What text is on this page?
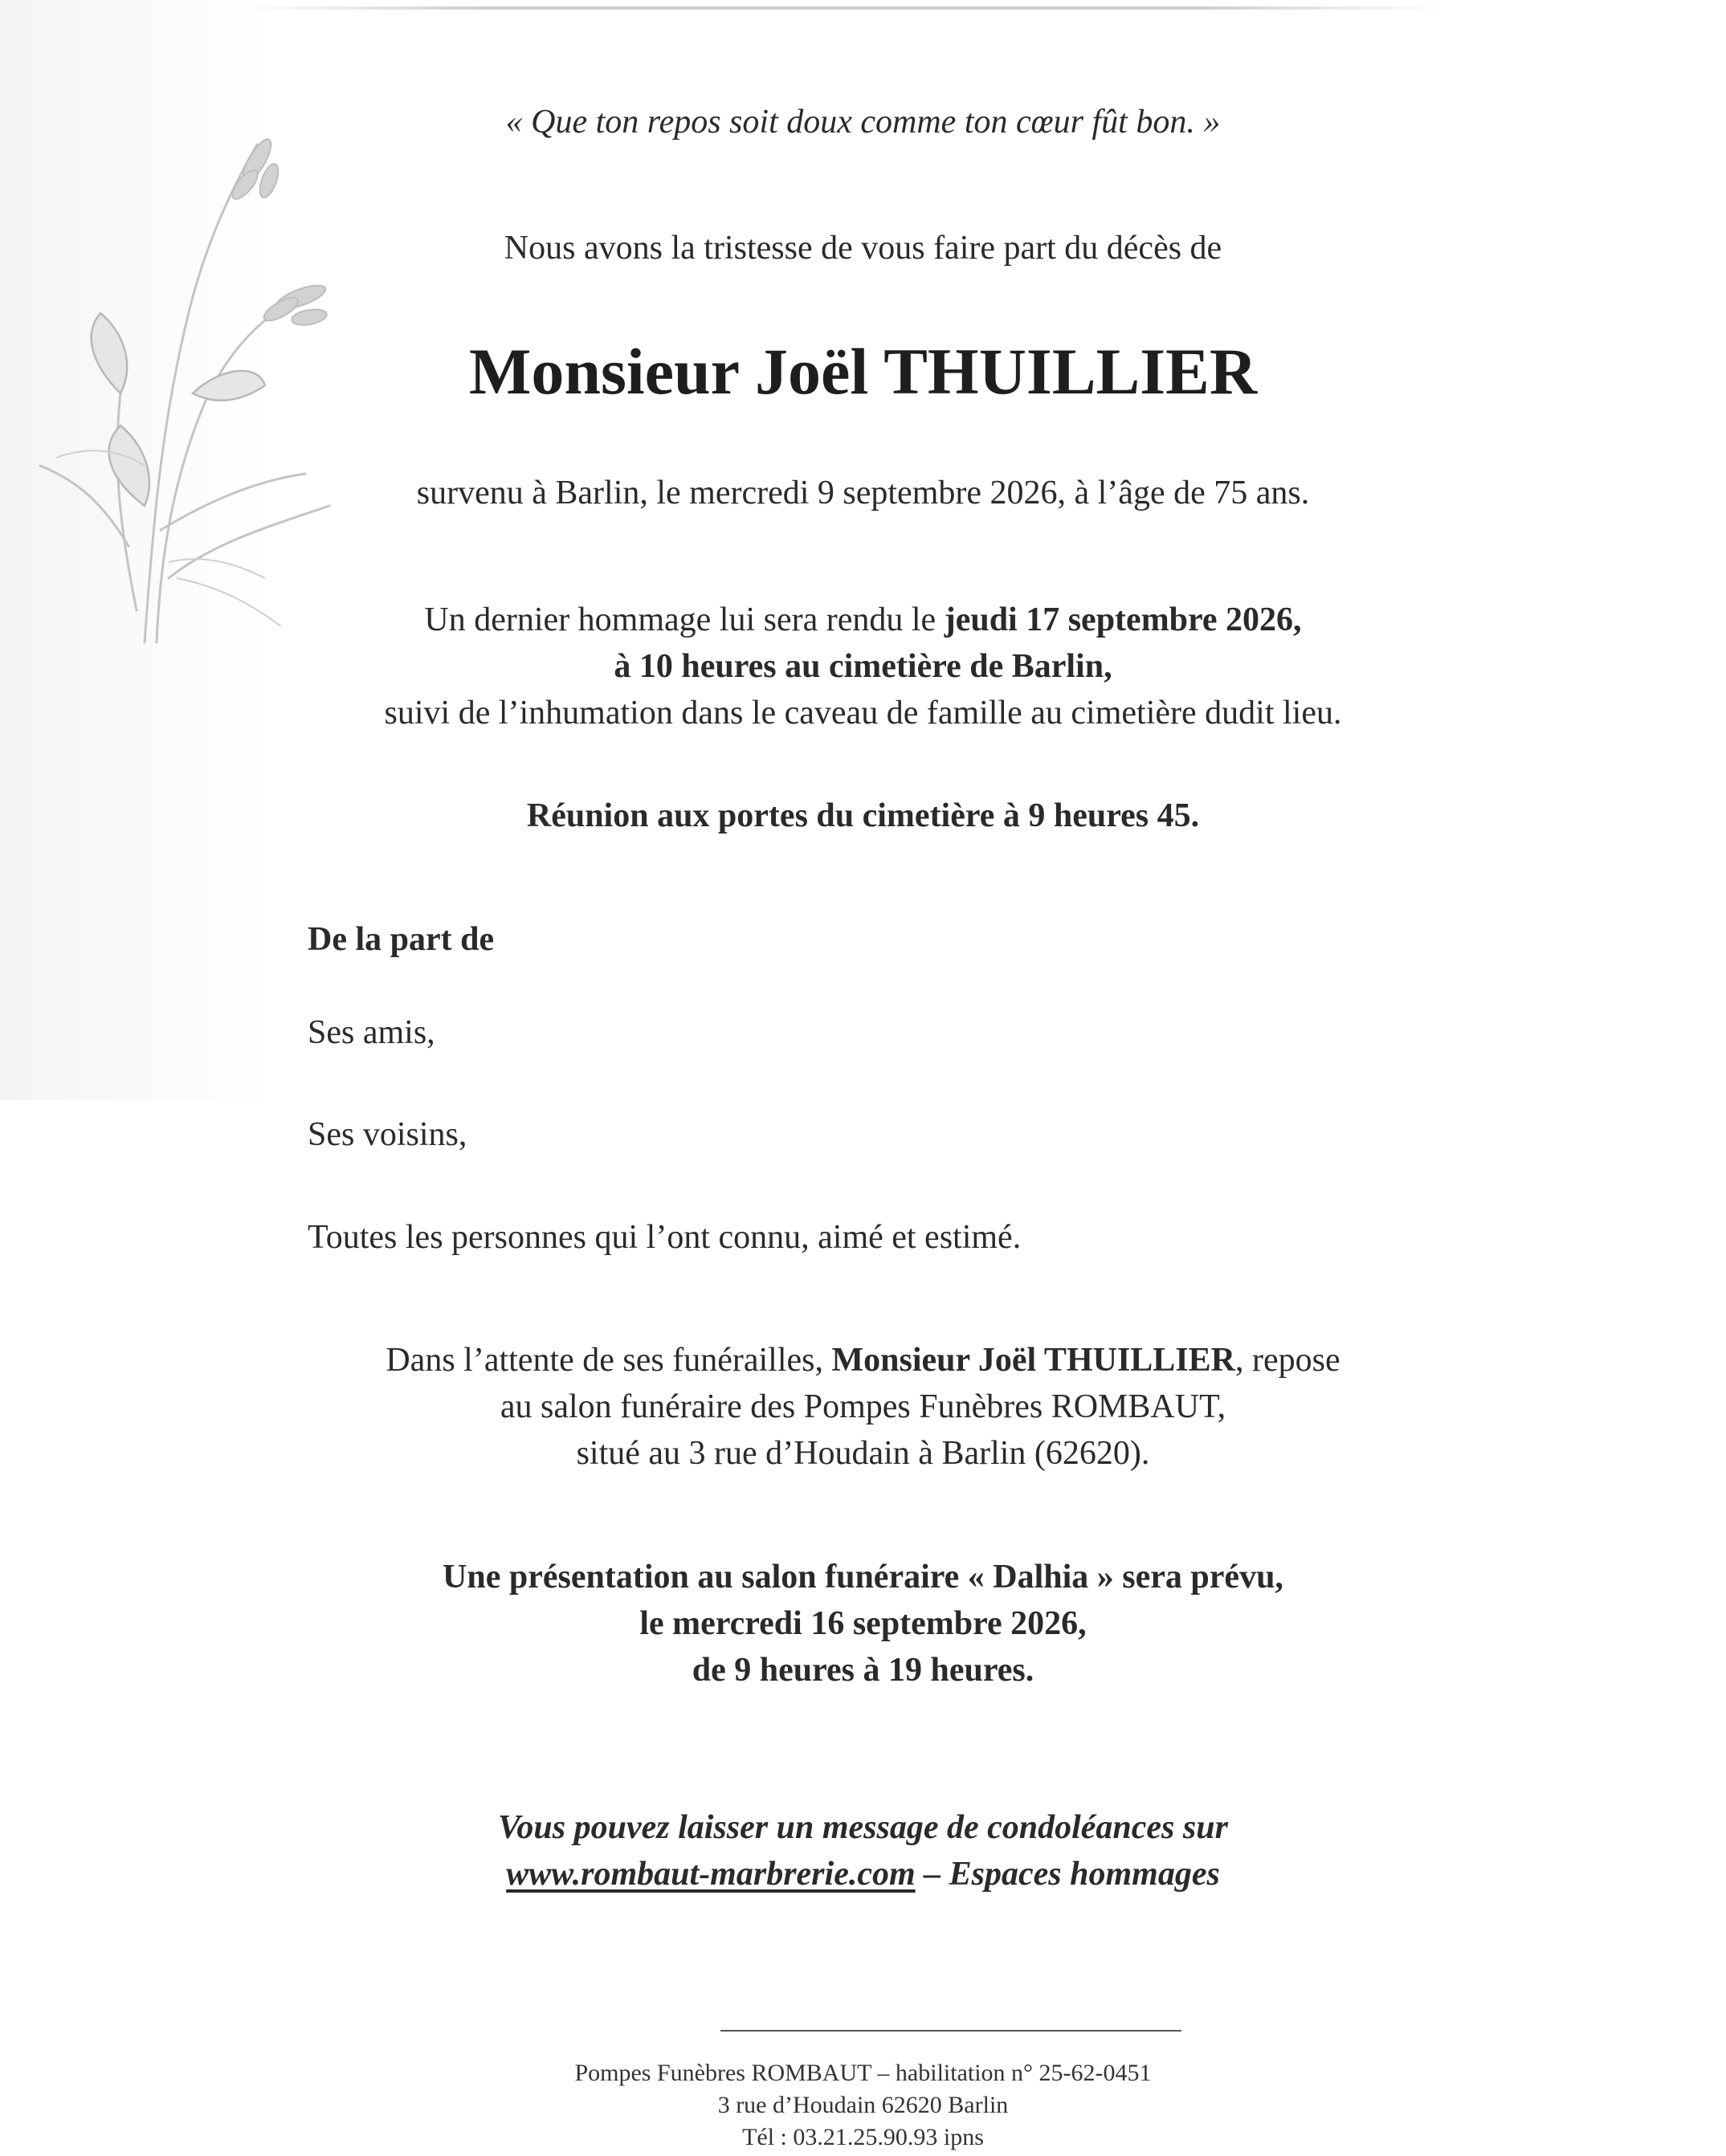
« Que ton repos soit doux comme ton cœur fût bon. »
Nous avons la tristesse de vous faire part du décès de
Monsieur Joël THUILLIER
survenu à Barlin, le mercredi 9 septembre 2026, à l’âge de 75 ans.
Un dernier hommage lui sera rendu le jeudi 17 septembre 2026,
à 10 heures au cimetière de Barlin,
suivi de l’inhumation dans le caveau de famille au cimetière dudit lieu.
Réunion aux portes du cimetière à 9 heures 45.
De la part de
Ses amis,
Ses voisins,
Toutes les personnes qui l’ont connu, aimé et estimé.
Dans l’attente de ses funérailles, Monsieur Joël THUILLIER, repose
au salon funéraire des Pompes Funèbres ROMBAUT,
situé au 3 rue d’Houdain à Barlin (62620).
Une présentation au salon funéraire « Dalhia » sera prévu,
le mercredi 16 septembre 2026,
de 9 heures à 19 heures.
Vous pouvez laisser un message de condoléances sur
www.rombaut-marbrerie.com – Espaces hommages
Pompes Funèbres ROMBAUT – habilitation n° 25-62-0451
3 rue d’Houdain 62620 Barlin
Tél : 03.21.25.90.93 ipns
